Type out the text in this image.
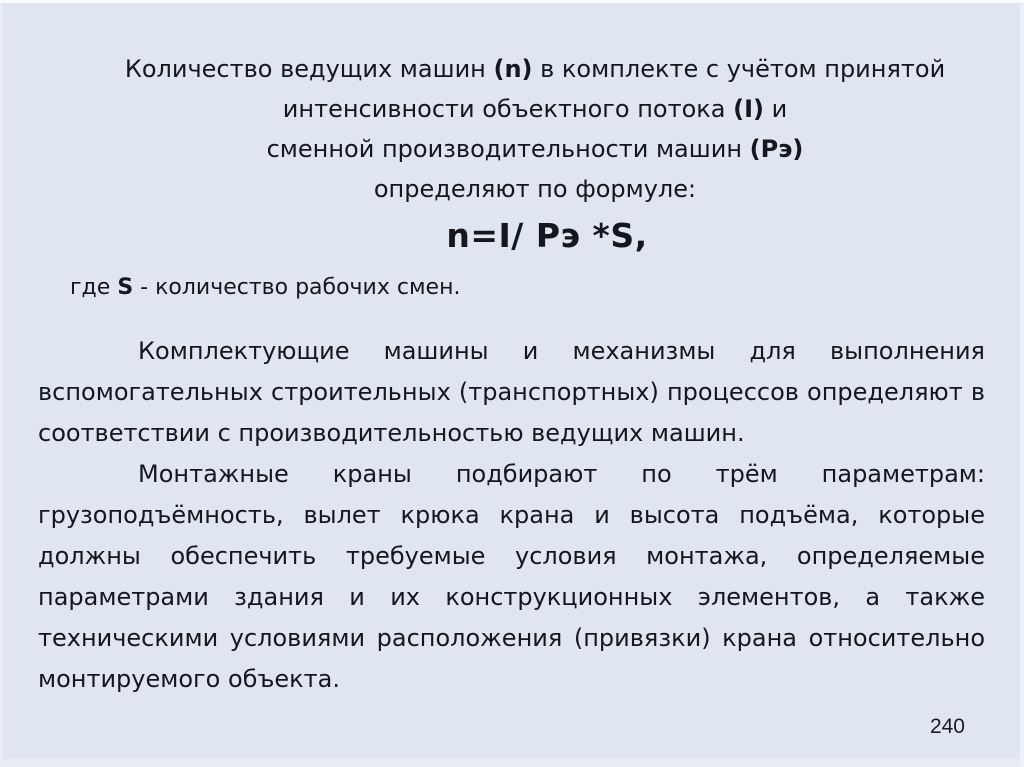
Количество ведущих машин (n) в комплекте с учётом принятой
интенсивности объектного потока (I) и
сменной производительности машин (Рэ)
определяют по формуле:
n=I/ Рэ *S,
где S - количество рабочих смен.

Комплектующие машины и механизмы для выполнения вспомогательных строительных (транспортных) процессов определяют в соответствии с производительностью ведущих машин.

Монтажные краны подбирают по трём параметрам: грузоподъёмность, вылет крюка крана и высота подъёма, которые должны обеспечить требуемые условия монтажа, определяемые параметрами здания и их конструкционных элементов, а также техническими условиями расположения (привязки) крана относительно монтируемого объекта.

240
